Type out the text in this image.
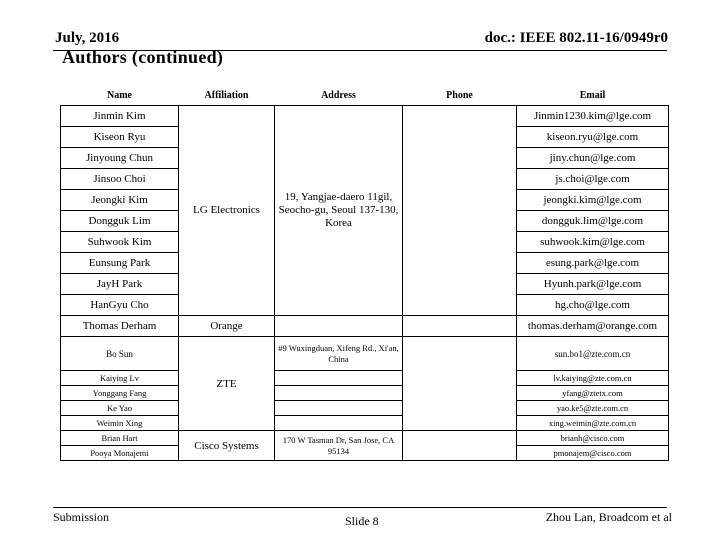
July, 2016	doc.: IEEE 802.11-16/0949r0
Authors (continued)
Name	Affiliation	Address	Phone	Email
Jinmin Kim	LG Electronics	19, Yangjae-daero 11gil, Seocho-gu, Seoul 137-130, Korea		Jinmin1230.kim@lge.com
Kiseon Ryu				kiseon.ryu@lge.com
Jinyoung Chun				jiny.chun@lge.com
Jinsoo Choi				js.choi@lge.com
Jeongki Kim				jeongki.kim@lge.com
Dongguk Lim				dongguk.lim@lge.com
Suhwook Kim				suhwook.kim@lge.com
Eunsung Park				esung.park@lge.com
JayH Park				Hyunh.park@lge.com
HanGyu Cho				hg.cho@lge.com
Thomas Derham	Orange			thomas.derham@orange.com
Bo Sun	ZTE	#9 Wuxingduan, Xifeng Rd., Xi'an, China		sun.bo1@zte.com.cn
Kaiying Lv				lv.kaiying@zte.com.cn
Yonggang Fang				yfang@ztetx.com
Ke Yao				yao.ke5@zte.com.cn
Weimin Xing				xing.weimin@zte.com.cn
Brian Hart	Cisco Systems	170 W Tasman Dr, San Jose, CA 95134		brianh@cisco.com
Pooya Monajemi				pmonajem@cisco.com
Submission	Slide 8	Zhou Lan, Broadcom et al
